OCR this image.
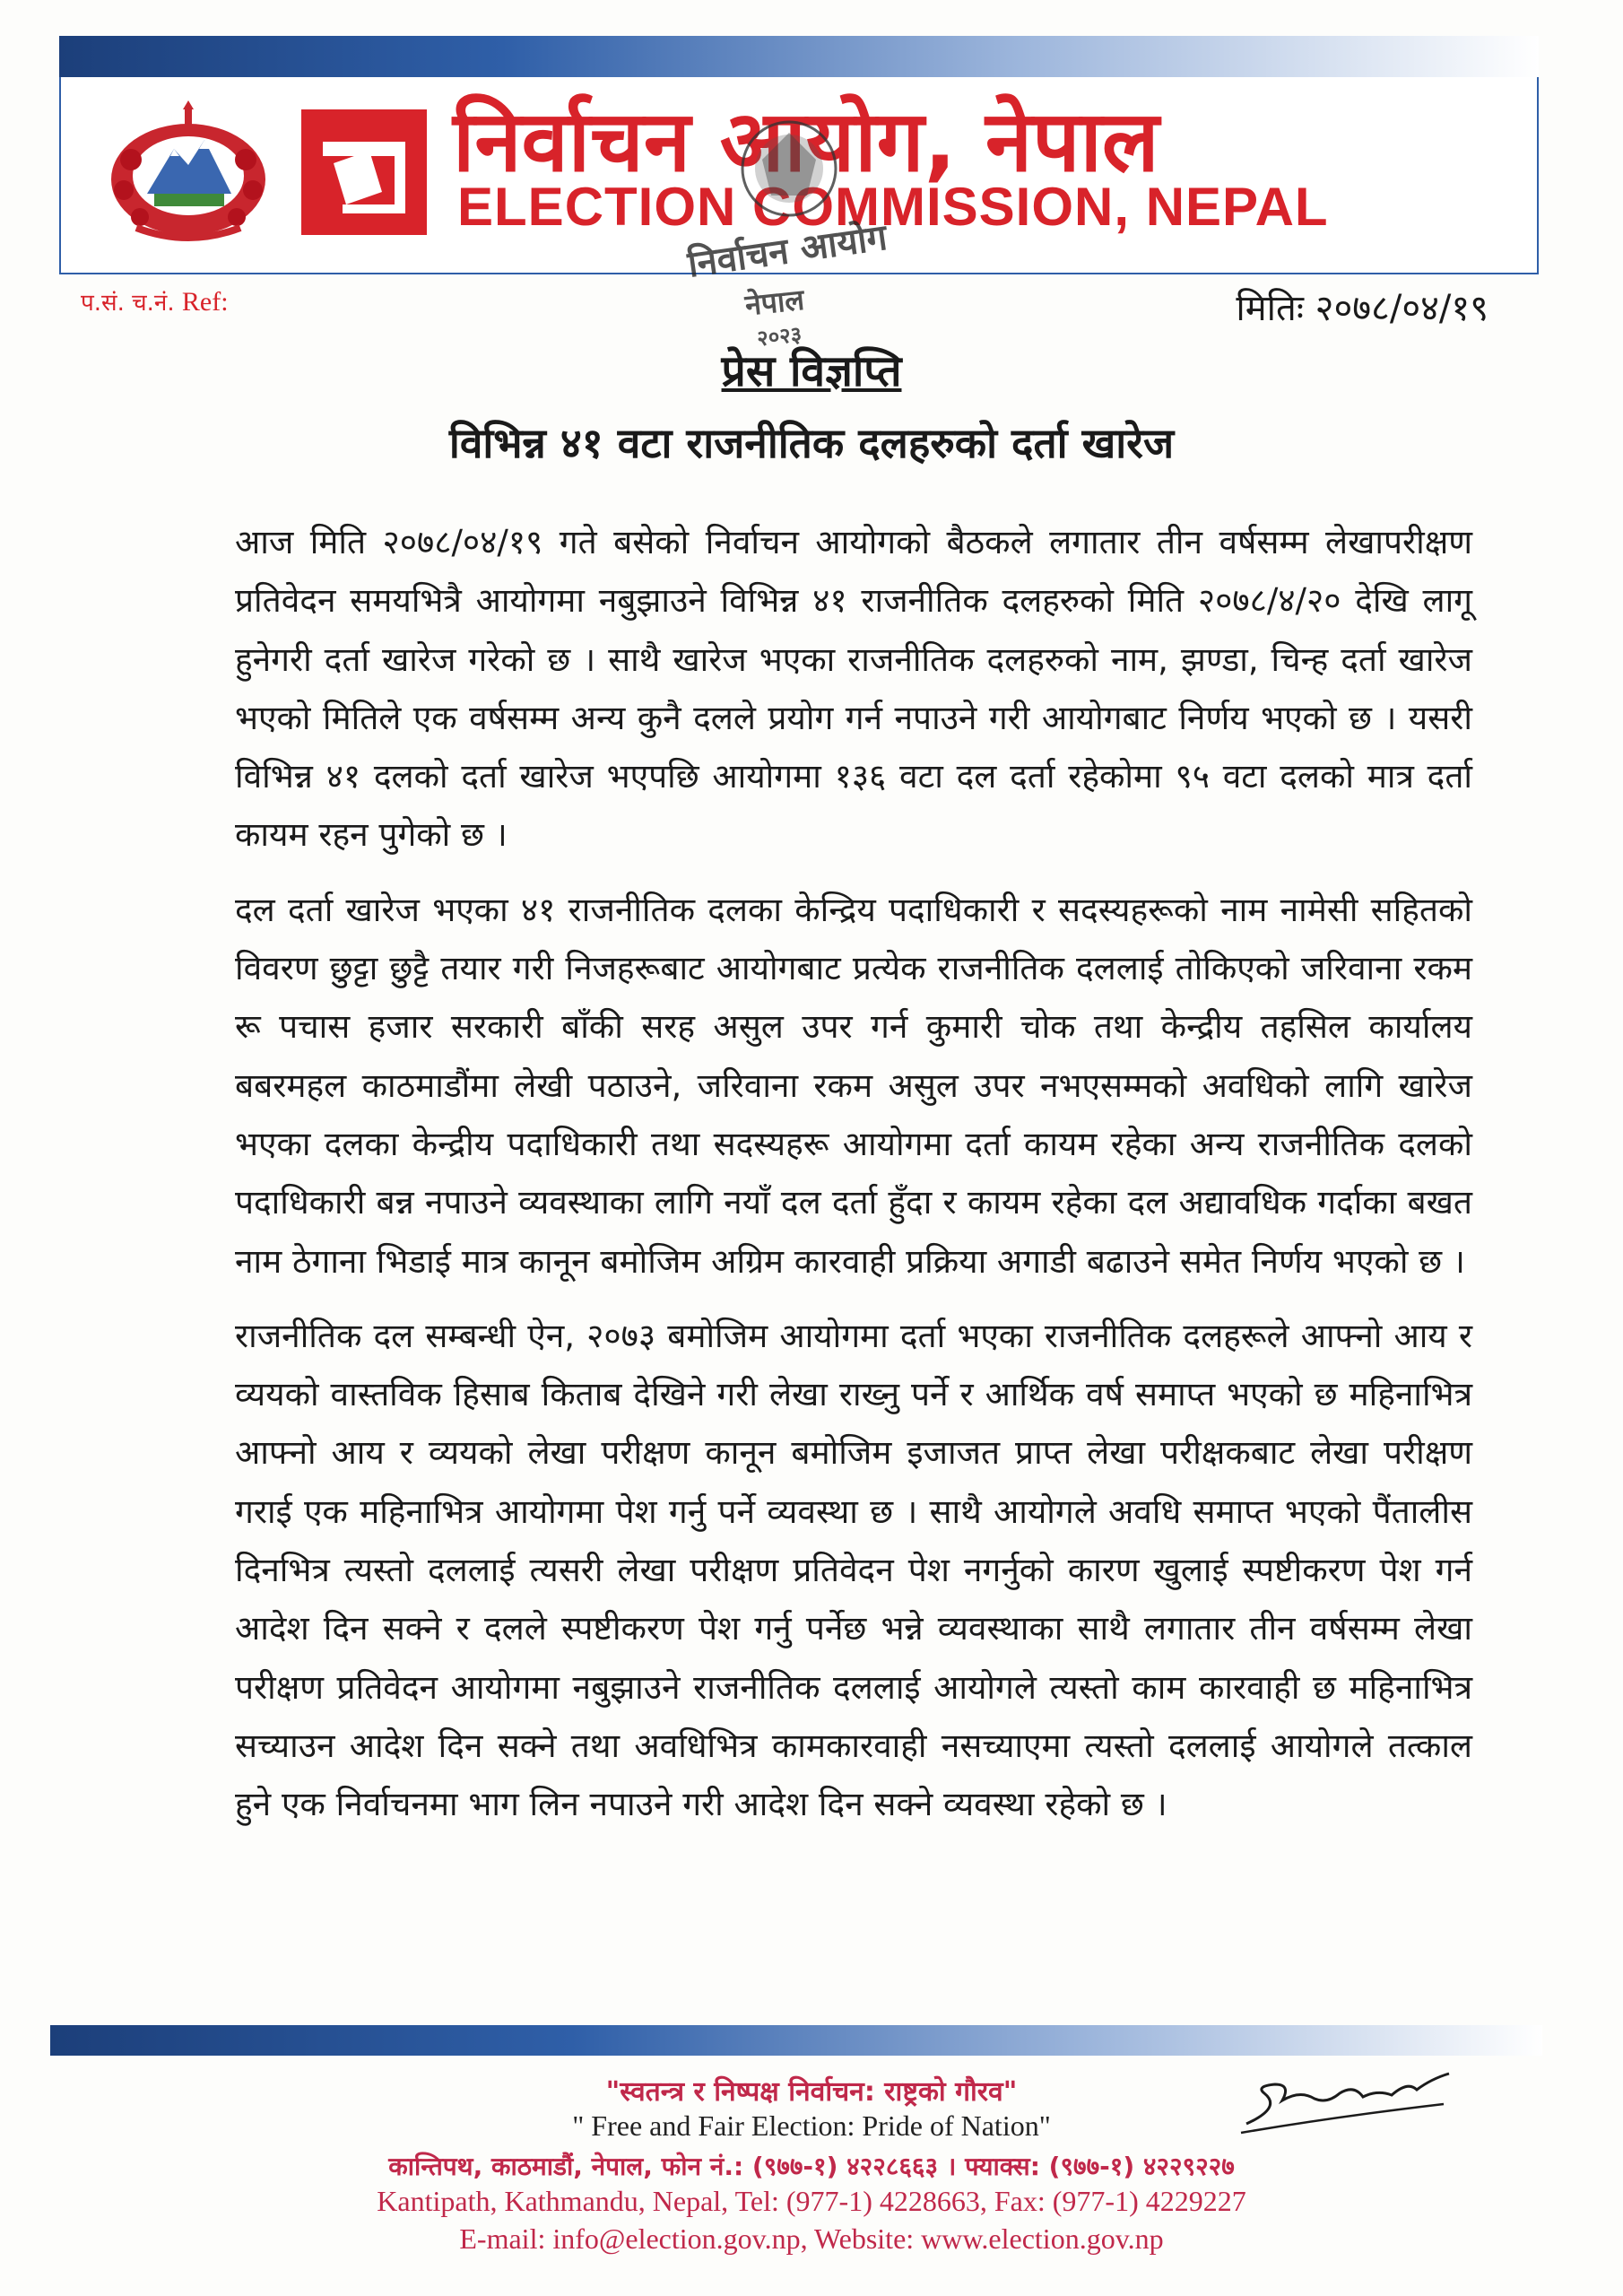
निर्वाचन आयोग, नेपाल
ELECTION COMMISSION, NEPAL
निर्वाचन आयोग
नेपाल
२०२३
प.सं. च.नं. Ref:	मितिः २०७८/०४/१९
प्रेस विज्ञप्ति
विभिन्न ४१ वटा राजनीतिक दलहरुको दर्ता खारेज

आज मिति २०७८/०४/१९ गते बसेको निर्वाचन आयोगको बैठकले लगातार तीन वर्षसम्म लेखापरीक्षण प्रतिवेदन समयभित्रै आयोगमा नबुझाउने विभिन्न ४१ राजनीतिक दलहरुको मिति २०७८/४/२० देखि लागू हुनेगरी दर्ता खारेज गरेको छ । साथै खारेज भएका राजनीतिक दलहरुको नाम, झण्डा, चिन्ह दर्ता खारेज भएको मितिले एक वर्षसम्म अन्य कुनै दलले प्रयोग गर्न नपाउने गरी आयोगबाट निर्णय भएको छ । यसरी विभिन्न ४१ दलको दर्ता खारेज भएपछि आयोगमा १३६ वटा दल दर्ता रहेकोमा ९५ वटा दलको मात्र दर्ता कायम रहन पुगेको छ ।

दल दर्ता खारेज भएका ४१ राजनीतिक दलका केन्द्रिय पदाधिकारी र सदस्यहरूको नाम नामेसी सहितको विवरण छुट्टा छुट्टै तयार गरी निजहरूबाट आयोगबाट प्रत्येक राजनीतिक दललाई तोकिएको जरिवाना रकम रू पचास हजार सरकारी बाँकी सरह असुल उपर गर्न कुमारी चोक तथा केन्द्रीय तहसिल कार्यालय बबरमहल काठमाडौंमा लेखी पठाउने, जरिवाना रकम असुल उपर नभएसम्मको अवधिको लागि खारेज भएका दलका केन्द्रीय पदाधिकारी तथा सदस्यहरू आयोगमा दर्ता कायम रहेका अन्य राजनीतिक दलको पदाधिकारी बन्न नपाउने व्यवस्थाका लागि नयाँ दल दर्ता हुँदा र कायम रहेका दल अद्यावधिक गर्दाका बखत नाम ठेगाना भिडाई मात्र कानून बमोजिम अग्रिम कारवाही प्रक्रिया अगाडी बढाउने समेत निर्णय भएको छ ।

राजनीतिक दल सम्बन्धी ऐन, २०७३ बमोजिम आयोगमा दर्ता भएका राजनीतिक दलहरूले आफ्नो आय र व्ययको वास्तविक हिसाब किताब देखिने गरी लेखा राख्नु पर्ने र आर्थिक वर्ष समाप्त भएको छ महिनाभित्र आफ्नो आय र व्ययको लेखा परीक्षण कानून बमोजिम इजाजत प्राप्त लेखा परीक्षकबाट लेखा परीक्षण गराई एक महिनाभित्र आयोगमा पेश गर्नु पर्ने व्यवस्था छ । साथै आयोगले अवधि समाप्त भएको पैंतालीस दिनभित्र त्यस्तो दललाई त्यसरी लेखा परीक्षण प्रतिवेदन पेश नगर्नुको कारण खुलाई स्पष्टीकरण पेश गर्न आदेश दिन सक्ने र दलले स्पष्टीकरण पेश गर्नु पर्नेछ भन्ने व्यवस्थाका साथै लगातार तीन वर्षसम्म लेखा परीक्षण प्रतिवेदन आयोगमा नबुझाउने राजनीतिक दललाई आयोगले त्यस्तो काम कारवाही छ महिनाभित्र सच्याउन आदेश दिन सक्ने तथा अवधिभित्र कामकारवाही नसच्याएमा त्यस्तो दललाई आयोगले तत्काल हुने एक निर्वाचनमा भाग लिन नपाउने गरी आदेश दिन सक्ने व्यवस्था रहेको छ ।

"स्वतन्त्र र निष्पक्ष निर्वाचन: राष्ट्रको गौरव"
" Free and Fair Election: Pride of Nation"
कान्तिपथ, काठमाडौं, नेपाल, फोन नं.: (९७७-१) ४२२८६६३ । फ्याक्स: (९७७-१) ४२२९२२७
Kantipath, Kathmandu, Nepal, Tel: (977-1) 4228663, Fax: (977-1) 4229227
E-mail: info@election.gov.np, Website: www.election.gov.np
